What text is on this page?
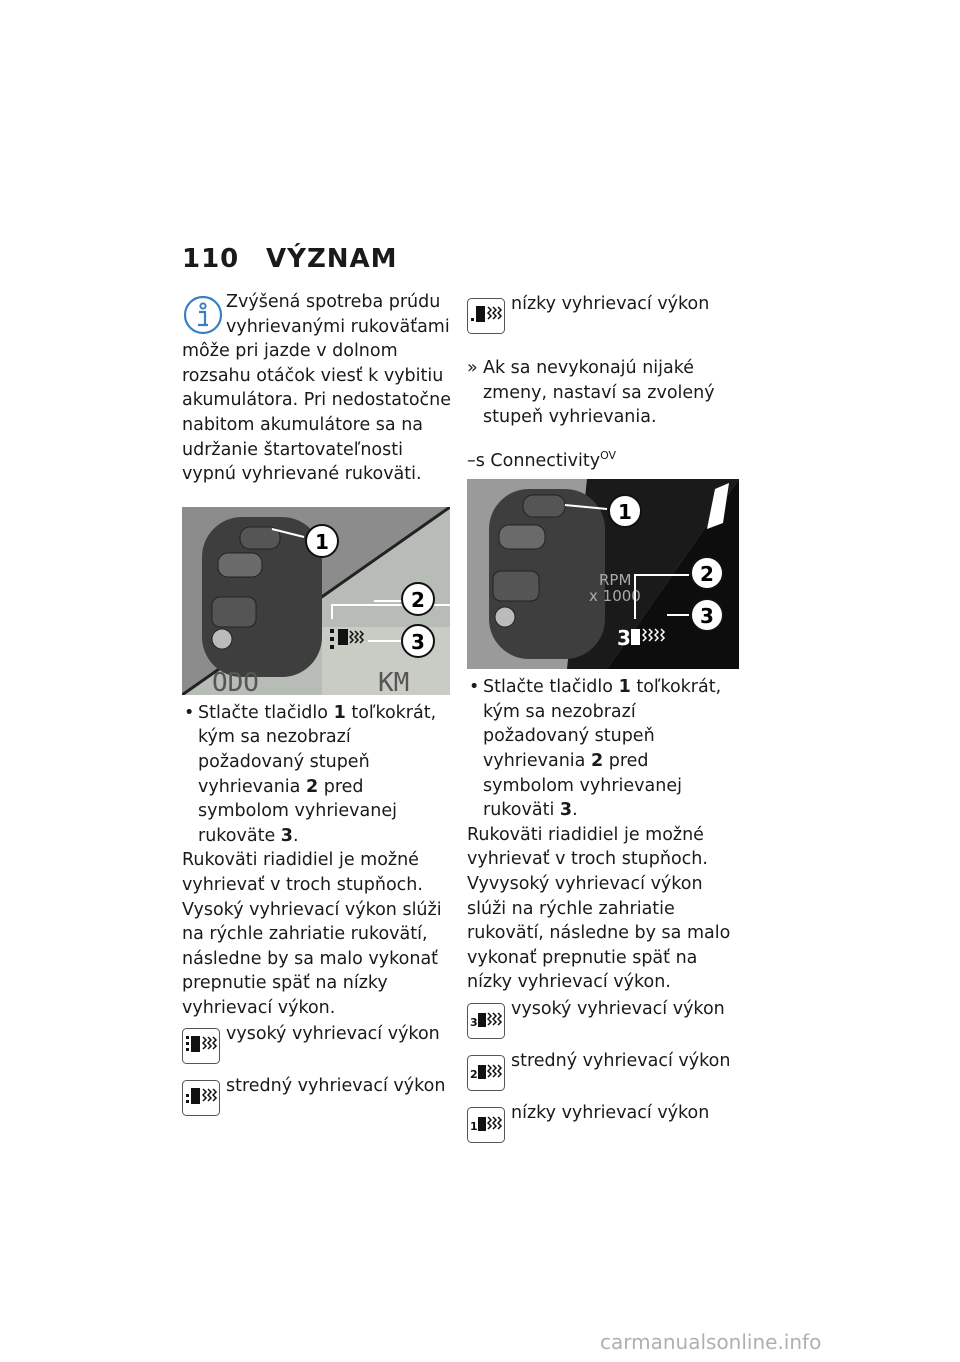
110 VÝZNAM

Zvýšená spotreba prúdu

vyhrievanými rukoväťami

môže pri jazde v dolnom rozsahu otáčok viesť k vybitiu akumulátora. Pri nedostatočne nabitom akumulátore sa na udržanie štartovateľnosti vypnú vyhrievané rukoväti.

1
2
3
ODO	KM
• Stlačte tlačidlo 1 toľkokrát, kým sa nezobrazí požadovaný stupeň vyhrievania 2 pred symbolom vyhrievanej rukoväte 3.

Rukoväti riadidiel je možné vyhrievať v troch stupňoch. Vysoký vyhrievací výkon slúži na rýchle zahriatie rukovätí, následne by sa malo vykonať prepnutie späť na nízky vyhrievací výkon.

vysoký vyhrievací výkon

stredný vyhrievací výkon

nízky vyhrievací výkon

» Ak sa nevykonajú nijaké zmeny, nastaví sa zvolený stupeň vyhrievania.

–s Connectivity$^{OV}$

RPM
x 1000
3
1
2
3
• Stlačte tlačidlo 1 toľkokrát, kým sa nezobrazí požadovaný stupeň vyhrievania 2 pred symbolom vyhrievanej rukoväti 3.

Rukoväti riadidiel je možné vyhrievať v troch stupňoch. Vyvysoký vyhrievací výkon slúži na rýchle zahriatie rukovätí, následne by sa malo vykonať prepnutie späť na nízky vyhrievací výkon.

3

vysoký vyhrievací výkon

2

stredný vyhrievací výkon

1

nízky vyhrievací výkon

carmanualsonline.info
